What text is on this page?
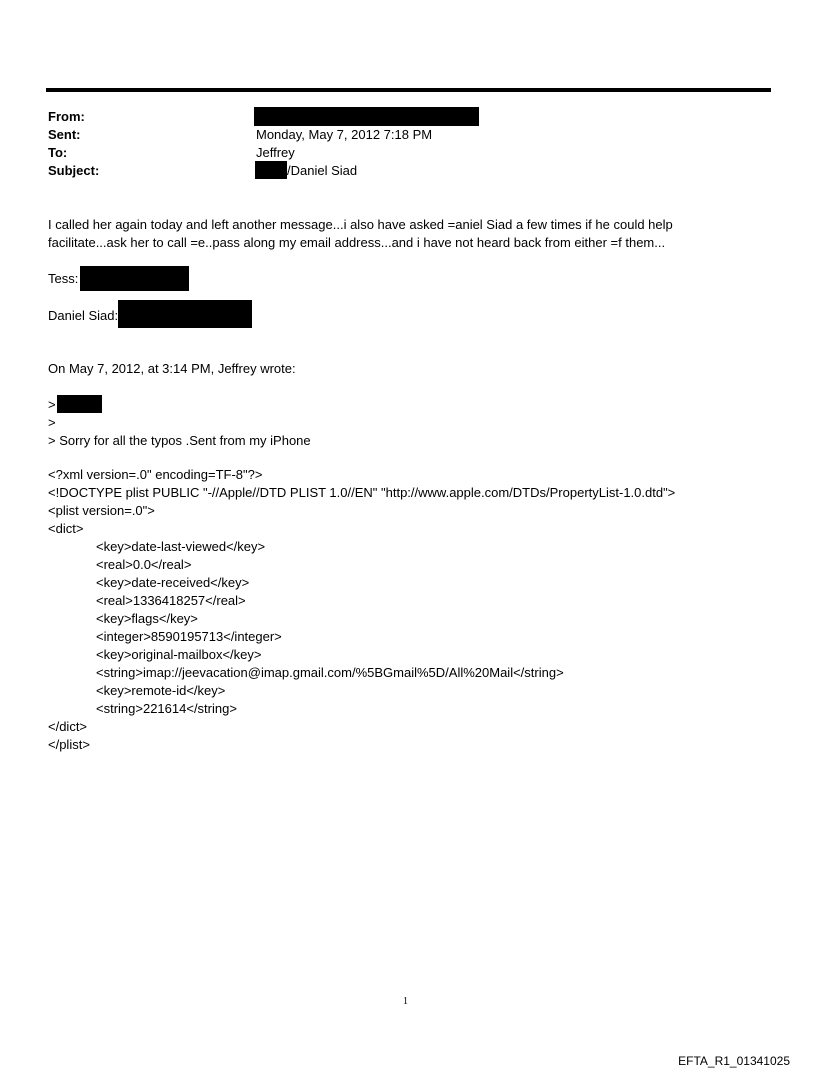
From:
Sent:	Monday, May 7, 2012 7:18 PM
To:	Jeffrey
Subject:	/Daniel Siad
I called her again today and left another message...i also have asked =aniel Siad a few times if he could help
facilitate...ask her to call =e..pass along my email address...and i have not heard back from either =f them...
Tess:
Daniel Siad:
On May 7, 2012, at 3:14 PM, Jeffrey wrote:
>
>
> Sorry for all the typos .Sent from my iPhone
<?xml version=.0" encoding=TF-8"?>
<!DOCTYPE plist PUBLIC "-//Apple//DTD PLIST 1.0//EN" "http://www.apple.com/DTDs/PropertyList-1.0.dtd">
<plist version=.0">
<dict>
<key>date-last-viewed</key>
<real>0.0</real>
<key>date-received</key>
<real>1336418257</real>
<key>flags</key>
<integer>8590195713</integer>
<key>original-mailbox</key>
<string>imap://jeevacation@imap.gmail.com/%5BGmail%5D/All%20Mail</string>
<key>remote-id</key>
<string>221614</string>
</dict>
</plist>
1
EFTA_R1_01341025
